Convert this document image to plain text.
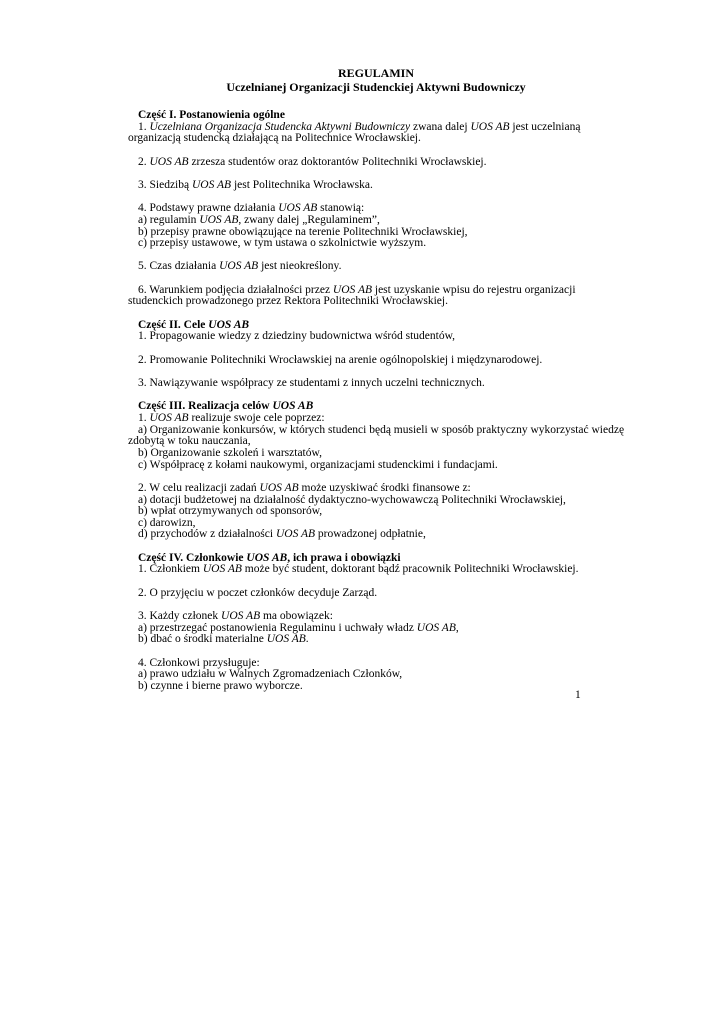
REGULAMIN
Uczelnianej Organizacji Studenckiej Aktywni Budowniczy
Część I. Postanowienia ogólne
1. Uczelniana Organizacja Studencka Aktywni Budowniczy zwana dalej UOS AB jest uczelnianą
organizacją studencką działającą na Politechnice Wrocławskiej.
2. UOS AB zrzesza studentów oraz doktorantów Politechniki Wrocławskiej.
3. Siedzibą UOS AB jest Politechnika Wrocławska.
4. Podstawy prawne działania UOS AB stanowią:
a) regulamin UOS AB, zwany dalej „Regulaminem”,
b) przepisy prawne obowiązujące na terenie Politechniki Wrocławskiej,
c) przepisy ustawowe, w tym ustawa o szkolnictwie wyższym.
5. Czas działania UOS AB jest nieokreślony.
6. Warunkiem podjęcia działalności przez UOS AB jest uzyskanie wpisu do rejestru organizacji
studenckich prowadzonego przez Rektora Politechniki Wrocławskiej.
Część II. Cele UOS AB
1. Propagowanie wiedzy z dziedziny budownictwa wśród studentów,
2. Promowanie Politechniki Wrocławskiej na arenie ogólnopolskiej i międzynarodowej.
3. Nawiązywanie współpracy ze studentami z innych uczelni technicznych.
Część III. Realizacja celów UOS AB
1. UOS AB realizuje swoje cele poprzez:
a) Organizowanie konkursów, w których studenci będą musieli w sposób praktyczny wykorzystać wiedzę
zdobytą w toku nauczania,
b) Organizowanie szkoleń i warsztatów,
c) Współpracę z kołami naukowymi, organizacjami studenckimi i fundacjami.
2. W celu realizacji zadań UOS AB może uzyskiwać środki finansowe z:
a) dotacji budżetowej na działalność dydaktyczno-wychowawczą Politechniki Wrocławskiej,
b) wpłat otrzymywanych od sponsorów,
c) darowizn,
d) przychodów z działalności UOS AB prowadzonej odpłatnie,
Część IV. Członkowie UOS AB, ich prawa i obowiązki
1. Członkiem UOS AB może być student, doktorant bądź pracownik Politechniki Wrocławskiej.
2. O przyjęciu w poczet członków decyduje Zarząd.
3. Każdy członek UOS AB ma obowiązek:
a) przestrzegać postanowienia Regulaminu i uchwały władz UOS AB,
b) dbać o środki materialne UOS AB.
4. Członkowi przysługuje:
a) prawo udziału w Walnych Zgromadzeniach Członków,
b) czynne i bierne prawo wyborcze.
1
